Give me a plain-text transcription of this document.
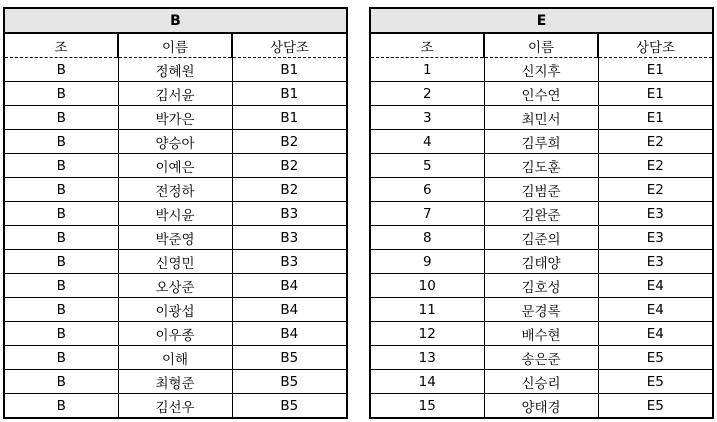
B		
조	이름	상담조
B	정혜원	B1
B	김서윤	B1
B	박가은	B1
B	양승아	B2
B	이예은	B2
B	전정하	B2
B	박시윤	B3
B	박준영	B3
B	신영민	B3
B	오상준	B4
B	이광섭	B4
B	이우종	B4
B	이해	B5
B	최형준	B5
B	김선우	B5
E		
조	이름	상담조
1	신지후	E1
2	인수연	E1
3	최민서	E1
4	김루희	E2
5	김도훈	E2
6	김범준	E2
7	김완준	E3
8	김준의	E3
9	김태양	E3
10	김호성	E4
11	문경록	E4
12	배수현	E4
13	송은준	E5
14	신승리	E5
15	양태경	E5
